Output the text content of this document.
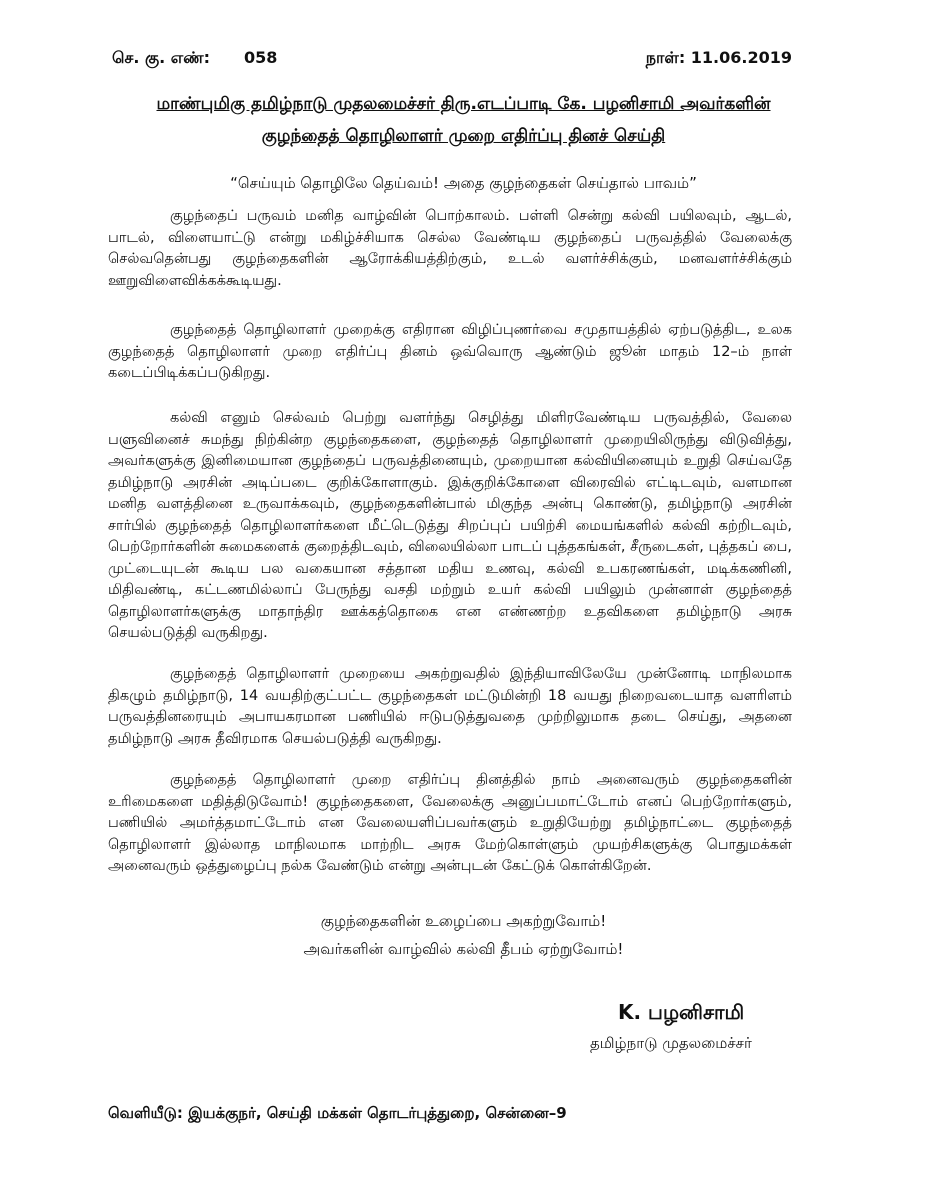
செ. கு. எண்: 058	நாள்: 11.06.2019
மாண்புமிகு தமிழ்நாடு முதலமைச்சர் திரு.எடப்பாடி கே. பழனிசாமி அவர்களின்
குழந்தைத் தொழிலாளர் முறை எதிர்ப்பு தினச் செய்தி
“செய்யும் தொழிலே தெய்வம்! அதை குழந்தைகள் செய்தால் பாவம்”

குழந்தைப் பருவம் மனித வாழ்வின் பொற்காலம். பள்ளி சென்று கல்வி பயிலவும், ஆடல், பாடல், விளையாட்டு என்று மகிழ்ச்சியாக செல்ல வேண்டிய குழந்தைப் பருவத்தில் வேலைக்கு செல்வதென்பது குழந்தைகளின் ஆரோக்கியத்திற்கும், உடல் வளர்ச்சிக்கும், மனவளர்ச்சிக்கும் ஊறுவிளைவிக்கக்கூடியது.

குழந்தைத் தொழிலாளர் முறைக்கு எதிரான விழிப்புணர்வை சமுதாயத்தில் ஏற்படுத்திட, உலக குழந்தைத் தொழிலாளர் முறை எதிர்ப்பு தினம் ஒவ்வொரு ஆண்டும் ஜூன் மாதம் 12–ம் நாள் கடைப்பிடிக்கப்படுகிறது.

கல்வி எனும் செல்வம் பெற்று வளர்ந்து செழித்து மிளிரவேண்டிய பருவத்தில், வேலை பளுவினைச் சுமந்து நிற்கின்ற குழந்தைகளை, குழந்தைத் தொழிலாளர் முறையிலிருந்து விடுவித்து, அவர்களுக்கு இனிமையான குழந்தைப் பருவத்தினையும், முறையான கல்வியினையும் உறுதி செய்வதே தமிழ்நாடு அரசின் அடிப்படை குறிக்கோளாகும். இக்குறிக்கோளை விரைவில் எட்டிடவும், வளமான மனித வளத்தினை உருவாக்கவும், குழந்தைகளின்பால் மிகுந்த அன்பு கொண்டு, தமிழ்நாடு அரசின் சார்பில் குழந்தைத் தொழிலாளர்களை மீட்டெடுத்து சிறப்புப் பயிற்சி மையங்களில் கல்வி கற்றிடவும், பெற்றோர்களின் சுமைகளைக் குறைத்திடவும், விலையில்லா பாடப் புத்தகங்கள், சீருடைகள், புத்தகப் பை, முட்டையுடன் கூடிய பல வகையான சத்தான மதிய உணவு, கல்வி உபகரணங்கள், மடிக்கணினி, மிதிவண்டி, கட்டணமில்லாப் பேருந்து வசதி மற்றும் உயர் கல்வி பயிலும் முன்னாள் குழந்தைத் தொழிலாளர்களுக்கு மாதாந்திர ஊக்கத்தொகை என எண்ணற்ற உதவிகளை தமிழ்நாடு அரசு செயல்படுத்தி வருகிறது.

குழந்தைத் தொழிலாளர் முறையை அகற்றுவதில் இந்தியாவிலேயே முன்னோடி மாநிலமாக திகழும் தமிழ்நாடு, 14 வயதிற்குட்பட்ட குழந்தைகள் மட்டுமின்றி 18 வயது நிறைவடையாத வளரிளம் பருவத்தினரையும் அபாயகரமான பணியில் ஈடுபடுத்துவதை முற்றிலுமாக தடை செய்து, அதனை தமிழ்நாடு அரசு தீவிரமாக செயல்படுத்தி வருகிறது.

குழந்தைத் தொழிலாளர் முறை எதிர்ப்பு தினத்தில் நாம் அனைவரும் குழந்தைகளின் உரிமைகளை மதித்திடுவோம்! குழந்தைகளை, வேலைக்கு அனுப்பமாட்டோம் எனப் பெற்றோர்களும், பணியில் அமர்த்தமாட்டோம் என வேலையளிப்பவர்களும் உறுதியேற்று தமிழ்நாட்டை குழந்தைத் தொழிலாளர் இல்லாத மாநிலமாக மாற்றிட அரசு மேற்கொள்ளும் முயற்சிகளுக்கு பொதுமக்கள் அனைவரும் ஒத்துழைப்பு நல்க வேண்டும் என்று அன்புடன் கேட்டுக் கொள்கிறேன்.

குழந்தைகளின் உழைப்பை அகற்றுவோம்!
அவர்களின் வாழ்வில் கல்வி தீபம் ஏற்றுவோம்!
K. பழனிசாமி
தமிழ்நாடு முதலமைச்சர்
வெளியீடு: இயக்குநர், செய்தி மக்கள் தொடர்புத்துறை, சென்னை–9
